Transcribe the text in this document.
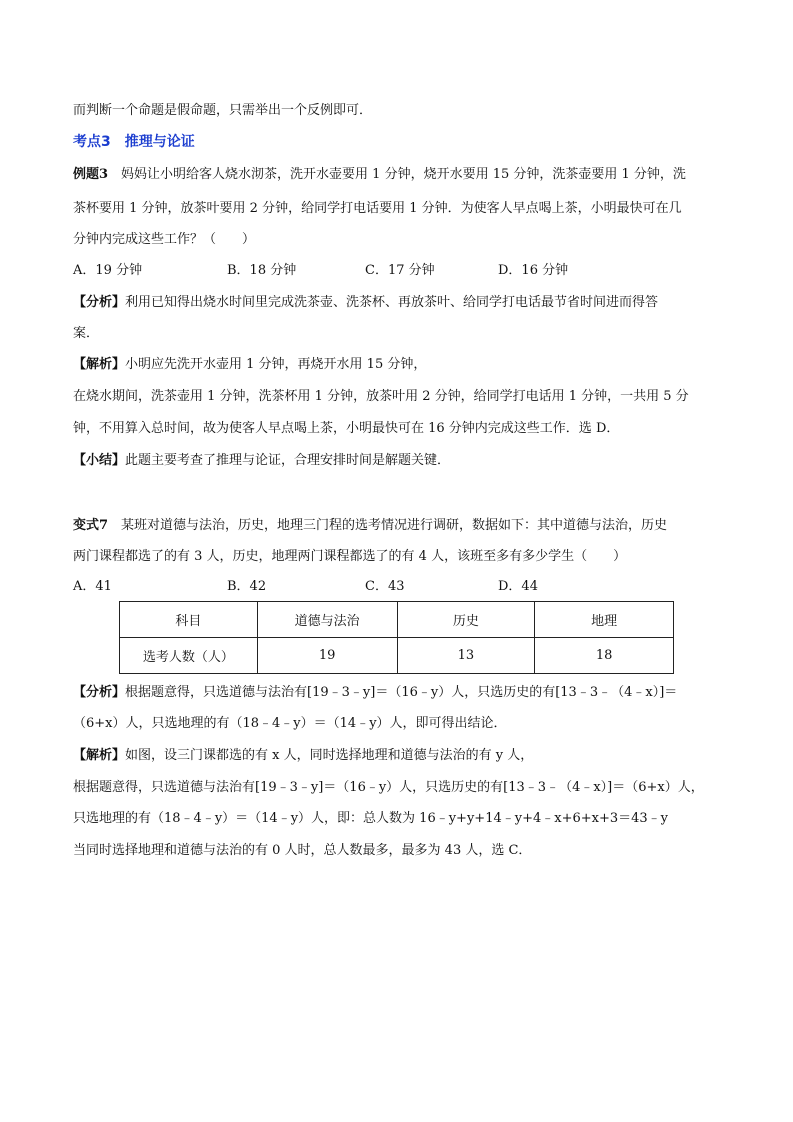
而判断一个命题是假命题，只需举出一个反例即可．
考点3　推理与论证
例题3　妈妈让小明给客人烧水沏茶，洗开水壶要用 1 分钟，烧开水要用 15 分钟，洗茶壶要用 1 分钟，洗
茶杯要用 1 分钟，放茶叶要用 2 分钟，给同学打电话要用 1 分钟．为使客人早点喝上茶，小明最快可在几
分钟内完成这些工作？（　　）
A．19 分钟	B．18 分钟	C．17 分钟	D．16 分钟
【分析】利用已知得出烧水时间里完成洗茶壶、洗茶杯、再放茶叶、给同学打电话最节省时间进而得答
案．
【解析】小明应先洗开水壶用 1 分钟，再烧开水用 15 分钟，
在烧水期间，洗茶壶用 1 分钟，洗茶杯用 1 分钟，放茶叶用 2 分钟，给同学打电话用 1 分钟，一共用 5 分
钟，不用算入总时间，故为使客人早点喝上茶，小明最快可在 16 分钟内完成这些工作．选 D．
【小结】此题主要考查了推理与论证，合理安排时间是解题关键．
变式7　某班对道德与法治，历史，地理三门程的选考情况进行调研，数据如下：其中道德与法治，历史
两门课程都选了的有 3 人，历史，地理两门课程都选了的有 4 人，该班至多有多少学生（　　）
A．41	B．42	C．43	D．44
科目	道德与法治	历史	地理
选考人数（人）	19	13	18
【分析】根据题意得，只选道德与法治有[19﹣3﹣y]＝（16﹣y）人，只选历史的有[13﹣3﹣（4﹣x）]＝
（6+x）人，只选地理的有（18﹣4﹣y）＝（14﹣y）人，即可得出结论．
【解析】如图，设三门课都选的有 x 人，同时选择地理和道德与法治的有 y 人，
根据题意得，只选道德与法治有[19﹣3﹣y]＝（16﹣y）人，只选历史的有[13﹣3﹣（4﹣x）]＝（6+x）人，
只选地理的有（18﹣4﹣y）＝（14﹣y）人，即：总人数为 16﹣y+y+14﹣y+4﹣x+6+x+3＝43﹣y
当同时选择地理和道德与法治的有 0 人时，总人数最多，最多为 43 人，选 C．
